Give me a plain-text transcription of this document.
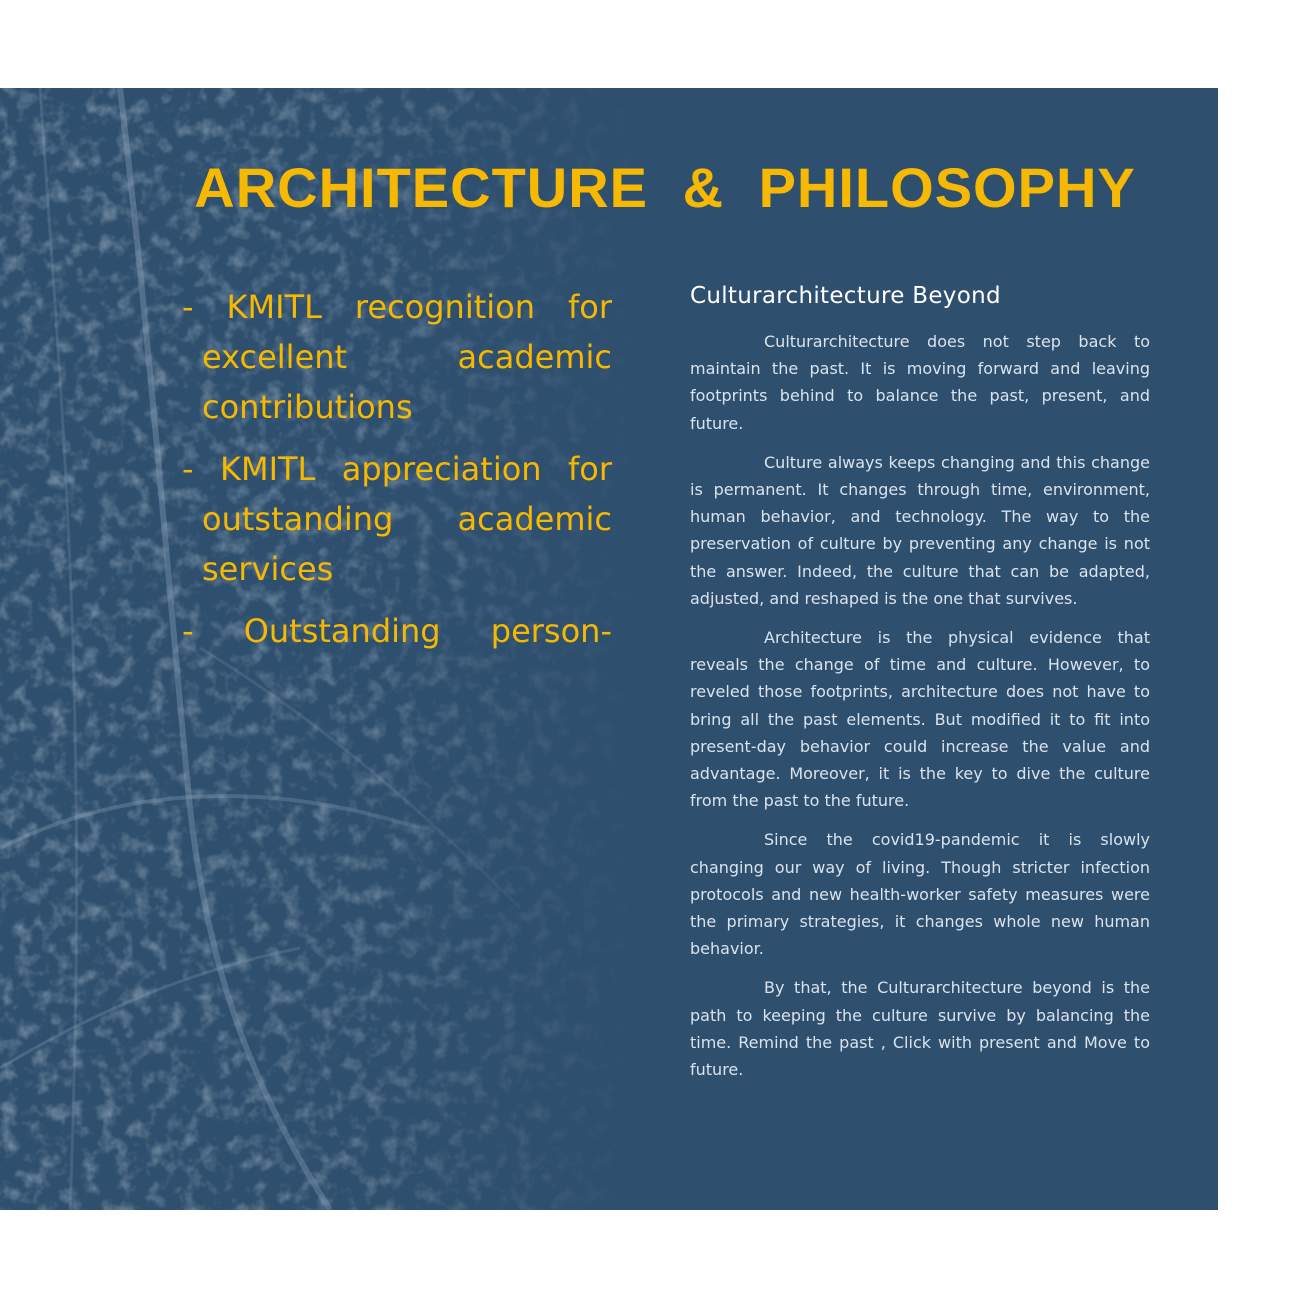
ARCHITECTURE & PHILOSOPHY
- KMITL recognition for excellent academic contributions
- KMITL appreciation for outstanding academic services
- Outstanding person-
Culturarchitecture Beyond

Culturarchitecture does not step back to maintain the past. It is moving forward and leaving footprints behind to balance the past, present, and future.

Culture always keeps changing and this change is permanent. It changes through time, environment, human behavior, and technology. The way to the preservation of culture by preventing any change is not the answer. Indeed, the culture that can be adapted, adjusted, and reshaped is the one that survives.

Architecture is the physical evidence that reveals the change of time and culture. However, to reveled those footprints, architecture does not have to bring all the past elements. But modified it to fit into present-day behavior could increase the value and advantage. Moreover, it is the key to dive the culture from the past to the future.

Since the covid19-pandemic it is slowly changing our way of living. Though stricter infection protocols and new health-worker safety measures were the primary strategies, it changes whole new human behavior.

By that, the Culturarchitecture beyond is the path to keeping the culture survive by balancing the time. Remind the past , Click with present and Move to future.
